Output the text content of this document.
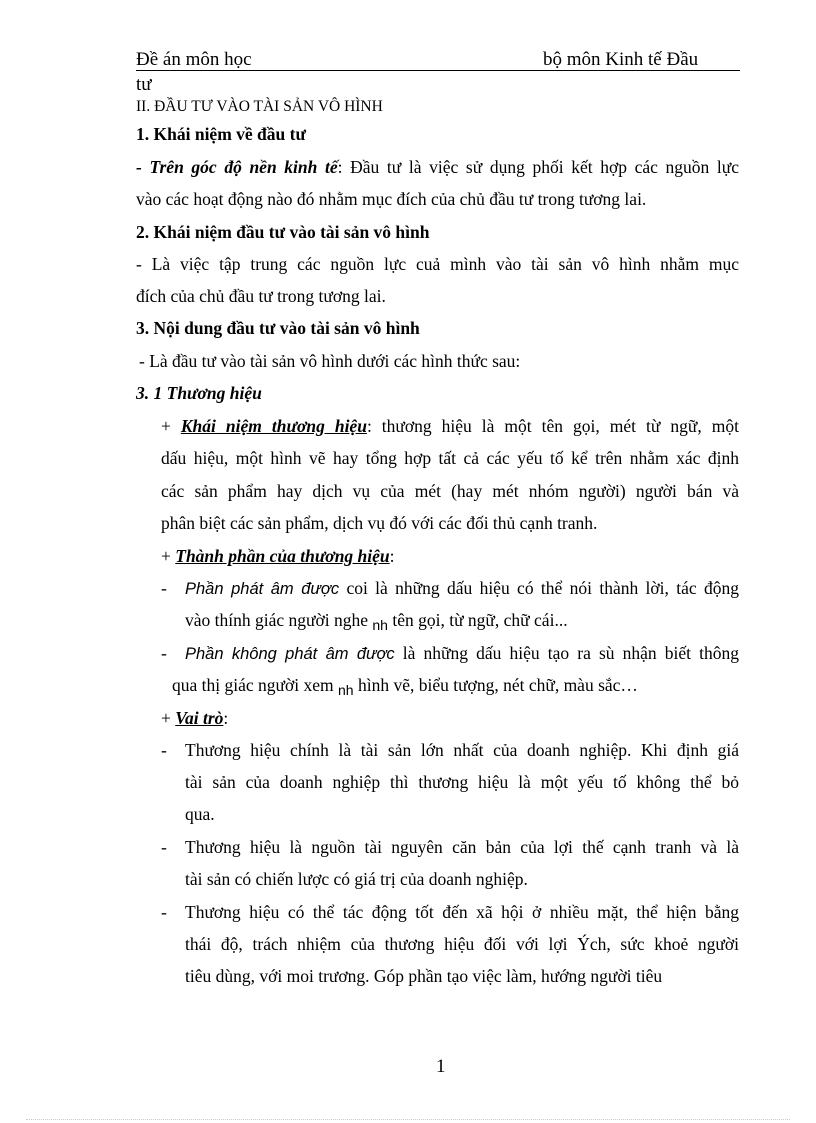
Đề án môn học	bộ môn Kinh tế Đầu
tư
II. ĐẦU TƯ VÀO TÀI SẢN VÔ HÌNH
1. Khái niệm về đầu tư
- Trên góc độ nền kinh tế: Đầu tư là việc sử dụng phối kết hợp các nguồn lực
vào các hoạt động nào đó nhằm mục đích của chủ đầu tư trong tương lai.
2. Khái niệm đầu tư vào tài sản vô hình
- Là việc tập trung các nguồn lực cuả mình vào tài sản vô hình nhằm mục
đích của chủ đầu tư trong tương lai.
3. Nội dung đầu tư vào tài sản vô hình
- Là đầu tư vào tài sản vô hình dưới các hình thức sau:
3. 1 Thương hiệu
+ Khái niệm thương hiệu: thương hiệu là một tên gọi, mét từ ngữ, một
dấu hiệu, một hình vẽ hay tổng hợp tất cả các yếu tố kể trên nhằm xác định
các sản phẩm hay dịch vụ của mét (hay mét nhóm người) người bán và
phân biệt các sản phẩm, dịch vụ đó với các đối thủ cạnh tranh.
+ Thành phần của thương hiệu:
- Phần phát âm được coi là những dấu hiệu có thể nói thành lời, tác động
vào thính giác người nghe $_{nh}$ tên gọi, từ ngữ, chữ cái...
- Phần không phát âm được là những dấu hiệu tạo ra sù nhận biết thông
qua thị giác người xem $_{nh}$ hình vẽ, biểu tượng, nét chữ, màu sắc…
+ Vai trò:
- Thương hiệu chính là tài sản lớn nhất của doanh nghiệp. Khi định giá
tài sản của doanh nghiệp thì thương hiệu là một yếu tố không thể bỏ
qua.
- Thương hiệu là nguồn tài nguyên căn bản của lợi thế cạnh tranh và là
tài sản có chiến lược có giá trị của doanh nghiệp.
- Thương hiệu có thể tác động tốt đến xã hội ở nhiều mặt, thể hiện bằng
thái độ, trách nhiệm của thương hiệu đối với lợi Ých, sức khoẻ người
tiêu dùng, với moi trương. Góp phần tạo việc làm, hướng người tiêu
1
